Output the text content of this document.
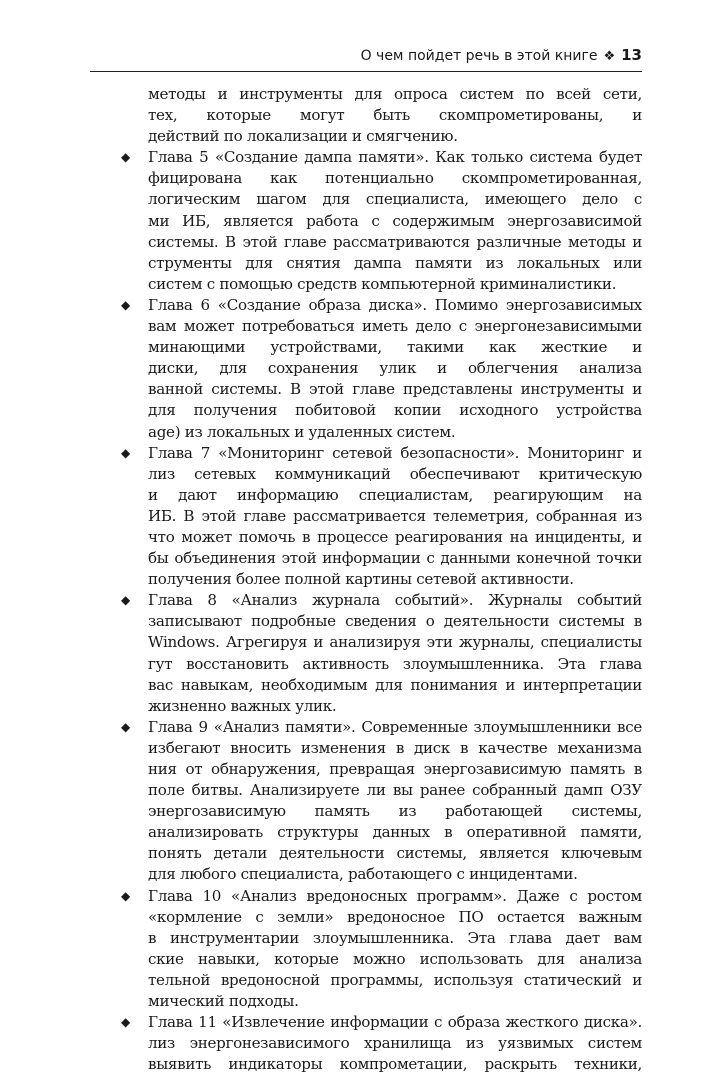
О чем пойдет речь в этой книге ❖ 13
методы и инструменты для опроса систем по всей сети,
тех, которые могут быть скомпрометированы, и
действий по локализации и смягчению.
◆	Глава 5 «Создание дампа памяти». Как только система будет
фицирована как потенциально скомпрометированная,
логическим шагом для специалиста, имеющего дело с
ми ИБ, является работа с содержимым энергозависимой
системы. В этой главе рассматриваются различные методы и
струменты для снятия дампа памяти из локальных или
систем с помощью средств компьютерной криминалистики.
◆	Глава 6 «Создание образа диска». Помимо энергозависимых
вам может потребоваться иметь дело с энергонезависимыми
минающими устройствами, такими как жесткие и
диски, для сохранения улик и облегчения анализа
ванной системы. В этой главе представлены инструменты и
для получения побитовой копии исходного устройства
age) из локальных и удаленных систем.
◆	Глава 7 «Мониторинг сетевой безопасности». Мониторинг и
лиз сетевых коммуникаций обеспечивают критическую
и дают информацию специалистам, реагирующим на
ИБ. В этой главе рассматривается телеметрия, собранная из
что может помочь в процессе реагирования на инциденты, и
бы объединения этой информации с данными конечной точки
получения более полной картины сетевой активности.
◆	Глава 8 «Анализ журнала событий». Журналы событий
записывают подробные сведения о деятельности системы в
Windows. Агрегируя и анализируя эти журналы, специалисты
гут восстановить активность злоумышленника. Эта глава
вас навыкам, необходимым для понимания и интерпретации
жизненно важных улик.
◆	Глава 9 «Анализ памяти». Современные злоумышленники все
избегают вносить изменения в диск в качестве механизма
ния от обнаружения, превращая энергозависимую память в
поле битвы. Анализируете ли вы ранее собранный дамп ОЗУ
энергозависимую память из работающей системы,
анализировать структуры данных в оперативной памяти,
понять детали деятельности системы, является ключевым
для любого специалиста, работающего с инцидентами.
◆	Глава 10 «Анализ вредоносных программ». Даже с ростом
«кормление с земли» вредоносное ПО остается важным
в инструментарии злоумышленника. Эта глава дает вам
ские навыки, которые можно использовать для анализа
тельной вредоносной программы, используя статический и
мический подходы.
◆	Глава 11 «Извлечение информации с образа жесткого диска».
лиз энергонезависимого хранилища из уязвимых систем
выявить индикаторы компрометации, раскрыть техники,
